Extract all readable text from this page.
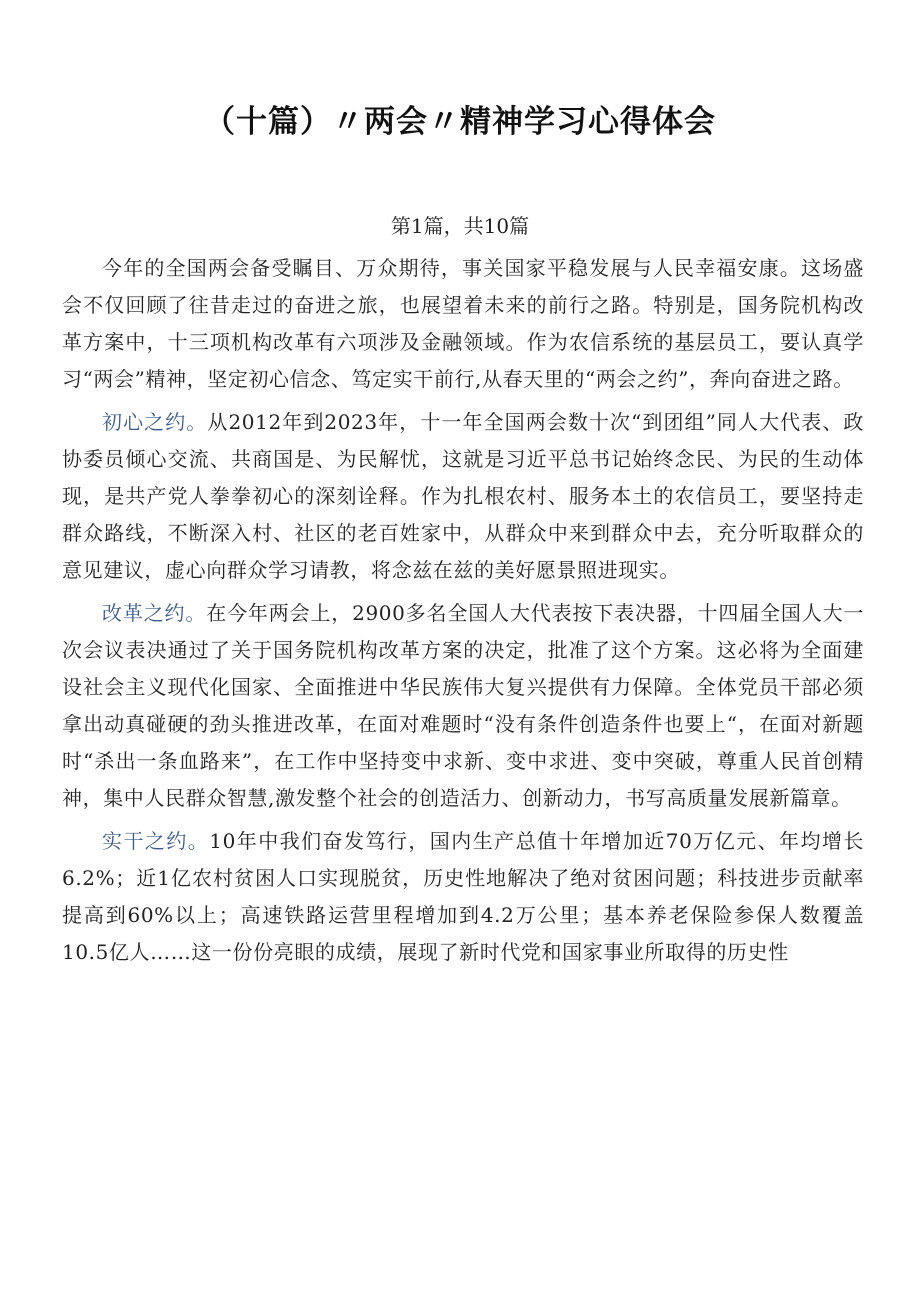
（十篇）〃两会〃精神学习心得体会

第1篇，共10篇

今年的全国两会备受瞩目、万众期待，事关国家平稳发展与人民幸福安康。这场盛会不仅回顾了往昔走过的奋进之旅，也展望着未来的前行之路。特别是，国务院机构改革方案中，十三项机构改革有六项涉及金融领域。作为农信系统的基层员工，要认真学习“两会”精神，坚定初心信念、笃定实干前行,从春天里的“两会之约”，奔向奋进之路。

初心之约。从2012年到2023年，十一年全国两会数十次“到团组”同人大代表、政协委员倾心交流、共商国是、为民解忧，这就是习近平总书记始终念民、为民的生动体现，是共产党人拳拳初心的深刻诠释。作为扎根农村、服务本土的农信员工，要坚持走群众路线，不断深入村、社区的老百姓家中，从群众中来到群众中去，充分听取群众的意见建议，虚心向群众学习请教，将念兹在兹的美好愿景照进现实。

改革之约。在今年两会上，2900多名全国人大代表按下表决器，十四届全国人大一次会议表决通过了关于国务院机构改革方案的决定，批准了这个方案。这必将为全面建设社会主义现代化国家、全面推进中华民族伟大复兴提供有力保障。全体党员干部必须拿出动真碰硬的劲头推进改革，在面对难题时“没有条件创造条件也要上“，在面对新题时“杀出一条血路来”，在工作中坚持变中求新、变中求进、变中突破，尊重人民首创精神，集中人民群众智慧,激发整个社会的创造活力、创新动力，书写高质量发展新篇章。

实干之约。10年中我们奋发笃行，国内生产总值十年增加近70万亿元、年均增长6.2%；近1亿农村贫困人口实现脱贫，历史性地解决了绝对贫困问题；科技进步贡献率提高到60%以上；高速铁路运营里程增加到4.2万公里；基本养老保险参保人数覆盖10.5亿人……这一份份亮眼的成绩，展现了新时代党和国家事业所取得的历史性
